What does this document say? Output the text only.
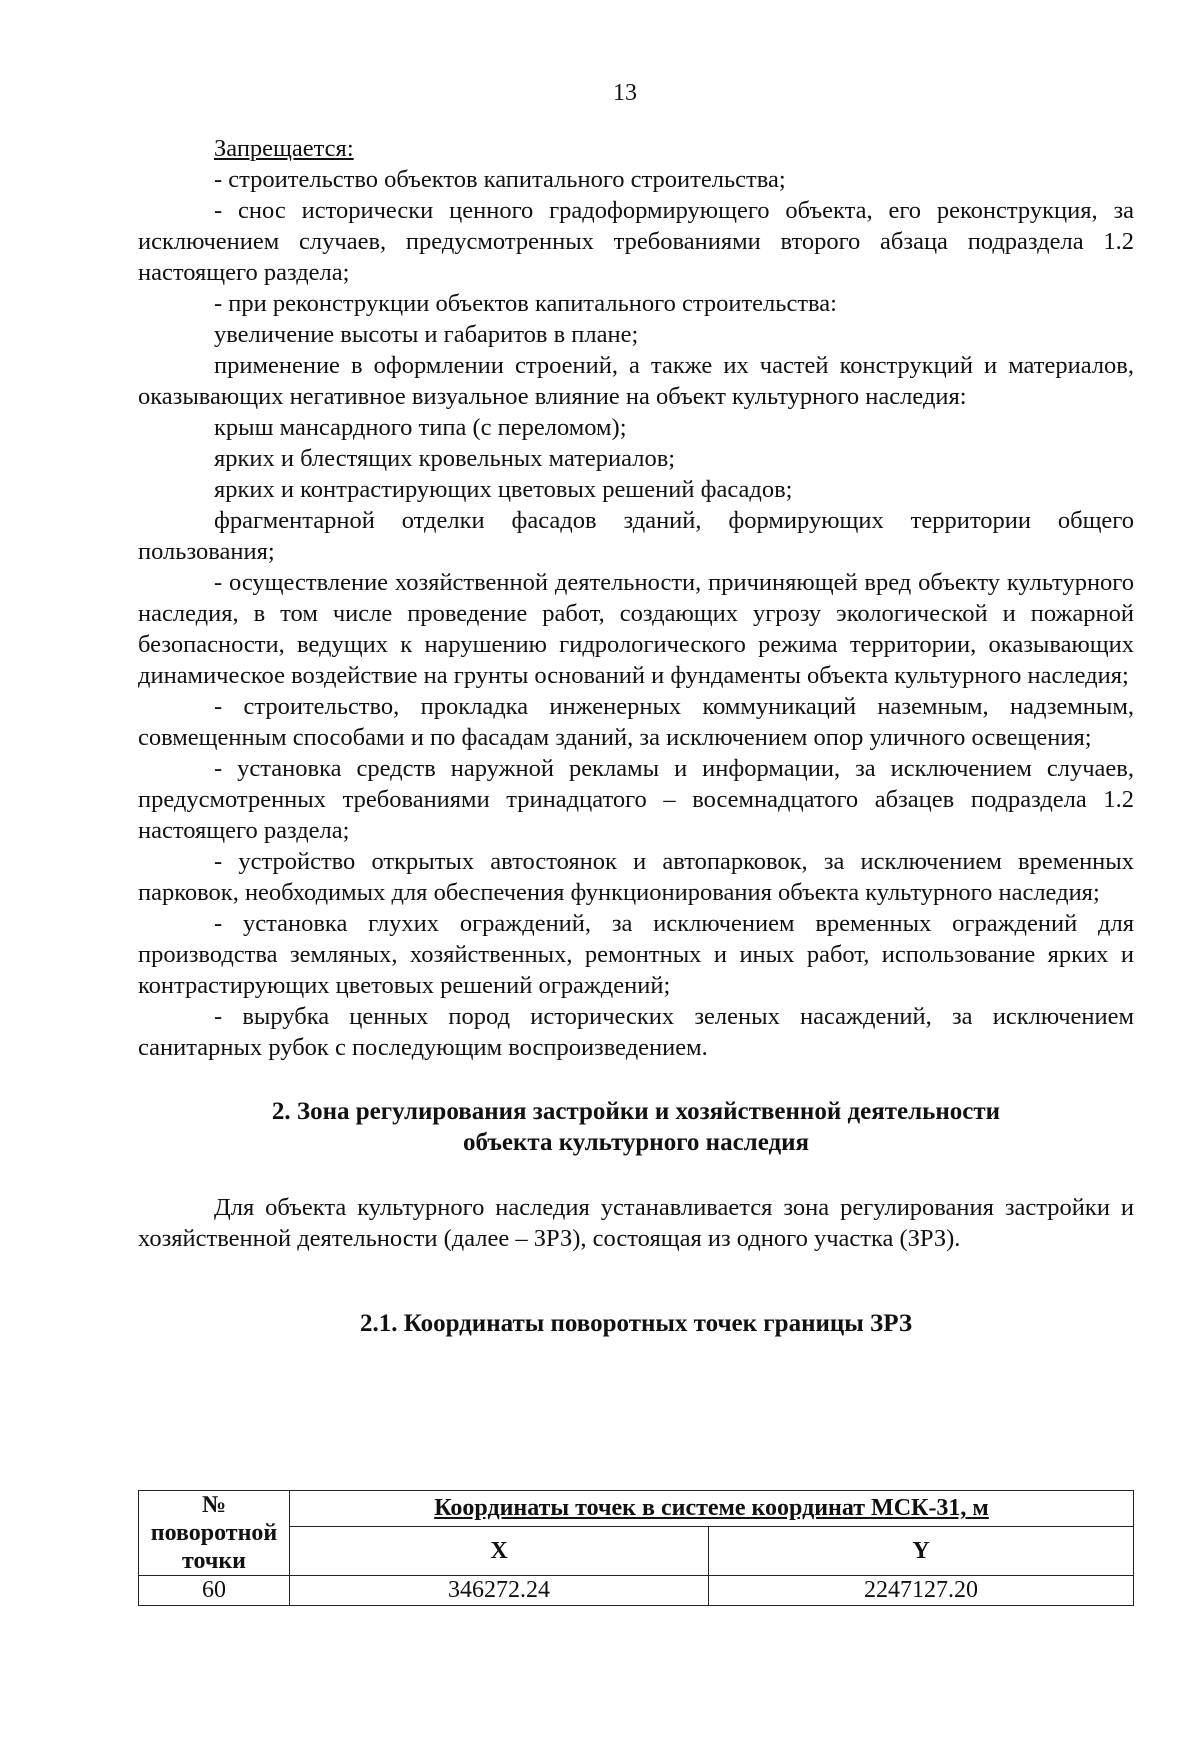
13

Запрещается:

- строительство объектов капитального строительства;

- снос исторически ценного градоформирующего объекта, его реконструкция, за исключением случаев, предусмотренных требованиями второго абзаца подраздела 1.2 настоящего раздела;

- при реконструкции объектов капитального строительства:

увеличение высоты и габаритов в плане;

применение в оформлении строений, а также их частей конструкций и материалов, оказывающих негативное визуальное влияние на объект культурного наследия:

крыш мансардного типа (с переломом);

ярких и блестящих кровельных материалов;

ярких и контрастирующих цветовых решений фасадов;

фрагментарной отделки фасадов зданий, формирующих территории общего пользования;

- осуществление хозяйственной деятельности, причиняющей вред объекту культурного наследия, в том числе проведение работ, создающих угрозу экологической и пожарной безопасности, ведущих к нарушению гидрологического режима территории, оказывающих динамическое воздействие на грунты оснований и фундаменты объекта культурного наследия;

- строительство, прокладка инженерных коммуникаций наземным, надземным, совмещенным способами и по фасадам зданий, за исключением опор уличного освещения;

- установка средств наружной рекламы и информации, за исключением случаев, предусмотренных требованиями тринадцатого – восемнадцатого абзацев подраздела 1.2 настоящего раздела;

- устройство открытых автостоянок и автопарковок, за исключением временных парковок, необходимых для обеспечения функционирования объекта культурного наследия;

- установка глухих ограждений, за исключением временных ограждений для производства земляных, хозяйственных, ремонтных и иных работ, использование ярких и контрастирующих цветовых решений ограждений;

- вырубка ценных пород исторических зеленых насаждений, за исключением санитарных рубок с последующим воспроизведением.

2. Зона регулирования застройки и хозяйственной деятельности

объекта культурного наследия

Для объекта культурного наследия устанавливается зона регулирования застройки и хозяйственной деятельности (далее – ЗРЗ), состоящая из одного участка (ЗРЗ).

2.1. Координаты поворотных точек границы ЗРЗ

№
поворотной
точки	Координаты точек в системе координат МСК-31, м	
	X	Y
60	346272.24	2247127.20
